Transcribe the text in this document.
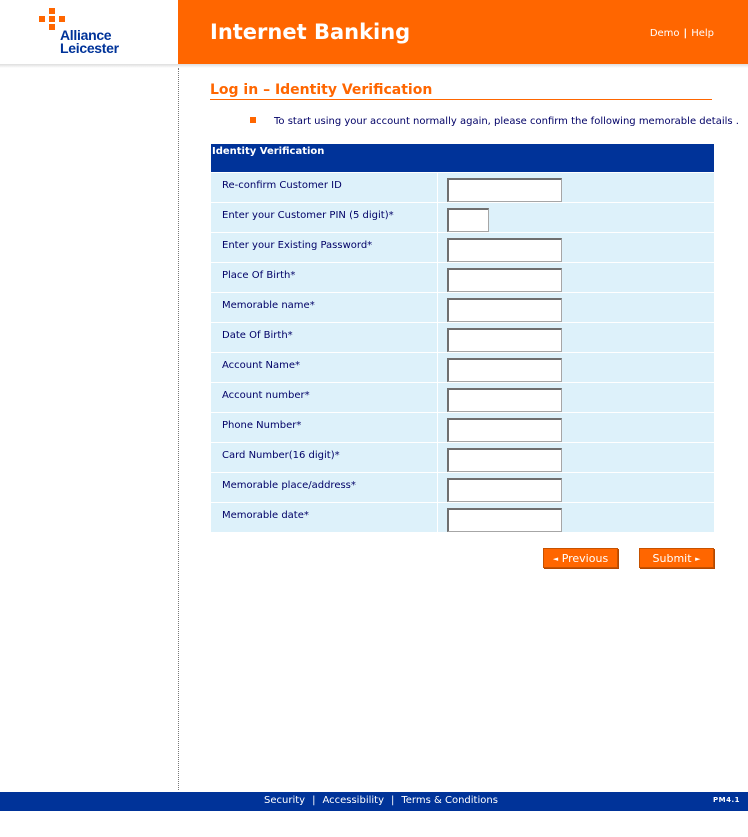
Alliance
Leicester
Internet Banking	Demo | Help
Log in – Identity Verification
To start using your account normally again, please confirm the following memorable details .
Identity Verification
Re-confirm Customer ID
Enter your Customer PIN (5 digit)*
Enter your Existing Password*
Place Of Birth*
Memorable name*
Date Of Birth*
Account Name*
Account number*
Phone Number*
Card Number(16 digit)*
Memorable place/address*
Memorable date*
◄ Previous	Submit ►
Security | Accessibility | Terms & Conditions	PM4.1
